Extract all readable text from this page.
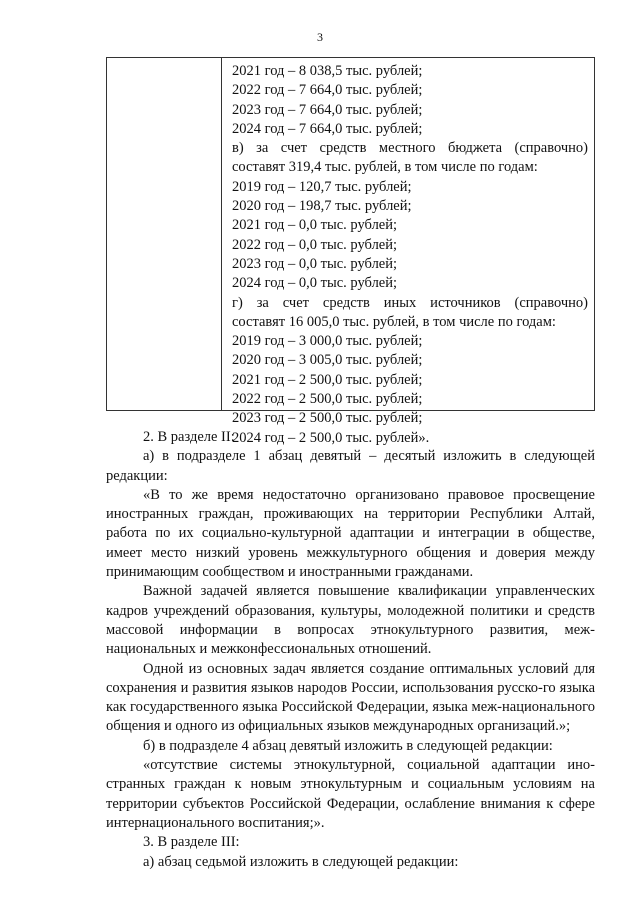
3
2021 год – 8 038,5 тыс. рублей;
2022 год – 7 664,0 тыс. рублей;
2023 год – 7 664,0 тыс. рублей;
2024 год – 7 664,0 тыс. рублей;
в) за счет средств местного бюджета (справочно)
составят 319,4 тыс. рублей, в том числе по годам:
2019 год – 120,7 тыс. рублей;
2020 год – 198,7 тыс. рублей;
2021 год – 0,0 тыс. рублей;
2022 год – 0,0 тыс. рублей;
2023 год – 0,0 тыс. рублей;
2024 год – 0,0 тыс. рублей;
г) за счет средств иных источников (справочно)
составят 16 005,0 тыс. рублей, в том числе по годам:
2019 год – 3 000,0 тыс. рублей;
2020 год – 3 005,0 тыс. рублей;
2021 год – 2 500,0 тыс. рублей;
2022 год – 2 500,0 тыс. рублей;
2023 год – 2 500,0 тыс. рублей;
2024 год – 2 500,0 тыс. рублей».
2. В разделе II:
а) в подразделе 1 абзац девятый – десятый изложить в следующей редакции:
«В то же время недостаточно организовано правовое просвещение иностранных граждан, проживающих на территории Республики Алтай, работа по их социально-культурной адаптации и интеграции в обществе, имеет место низкий уровень межкультурного общения и доверия между принимающим сообществом и иностранными гражданами.
Важной задачей является повышение квалификации управленческих кадров учреждений образования, культуры, молодежной политики и средств массовой информации в вопросах этнокультурного развития, меж-национальных и межконфессиональных отношений.
Одной из основных задач является создание оптимальных условий для сохранения и развития языков народов России, использования русско-го языка как государственного языка Российской Федерации, языка меж-национального общения и одного из официальных языков международных организаций.»;
б) в подразделе 4 абзац девятый изложить в следующей редакции:
«отсутствие системы этнокультурной, социальной адаптации ино-странных граждан к новым этнокультурным и социальным условиям на территории субъектов Российской Федерации, ослабление внимания к сфере интернационального воспитания;».
3. В разделе III:
а) абзац седьмой изложить в следующей редакции:
